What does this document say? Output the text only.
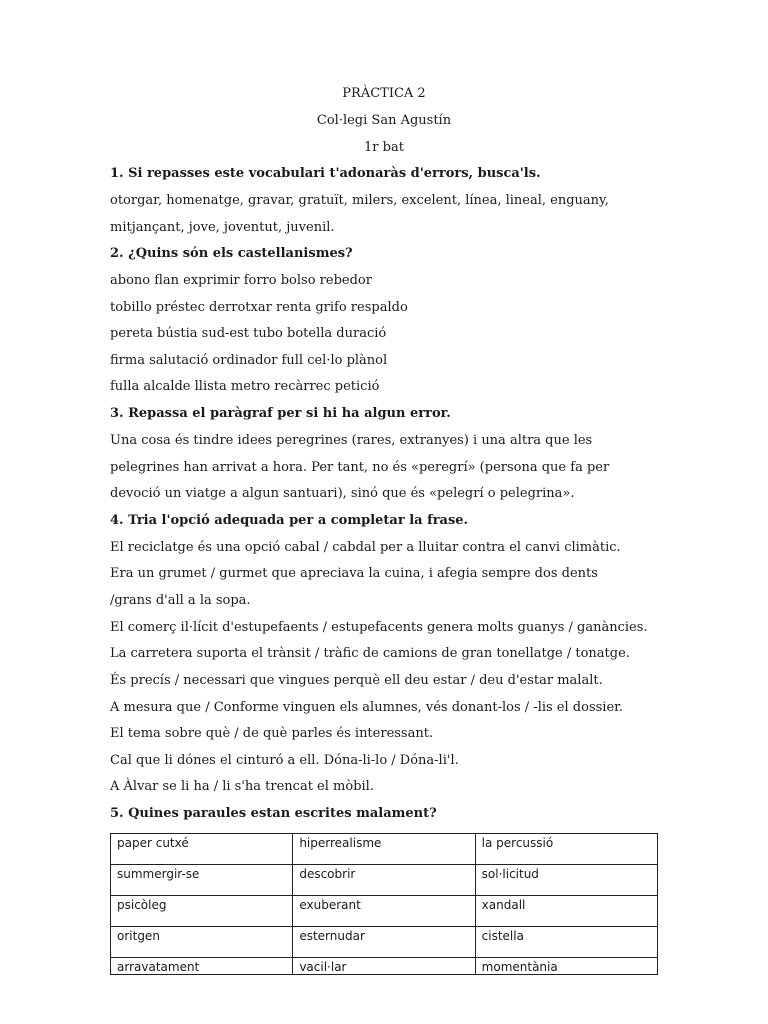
PRÀCTICA 2
Col·legi San Agustín
1r bat
1. Si repasses este vocabulari t'adonaràs d'errors, busca'ls.
otorgar, homenatge, gravar, gratuït, milers, excelent, línea, lineal, enguany,
mitjançant, jove, joventut, juvenil.
2. ¿Quins són els castellanismes?
abono flan exprimir forro bolso rebedor
tobillo préstec derrotxar renta grifo respaldo
pereta bústia sud-est tubo botella duració
firma salutació ordinador full cel·lo plànol
fulla alcalde llista metro recàrrec petició
3. Repassa el paràgraf per si hi ha algun error.
Una cosa és tindre idees peregrines (rares, extranyes) i una altra que les
pelegrines han arrivat a hora. Per tant, no és «peregrí» (persona que fa per
devoció un viatge a algun santuari), sinó que és «pelegrí o pelegrina».
4. Tria l'opció adequada per a completar la frase.
El reciclatge és una opció cabal / cabdal per a lluitar contra el canvi climàtic.
Era un grumet / gurmet que apreciava la cuina, i afegia sempre dos dents
/grans d'all a la sopa.
El comerç il·lícit d'estupefaents / estupefacents genera molts guanys / ganàncies.
La carretera suporta el trànsit / tràfic de camions de gran tonellatge / tonatge.
És precís / necessari que vingues perquè ell deu estar / deu d'estar malalt.
A mesura que / Conforme vinguen els alumnes, vés donant-los / -lis el dossier.
El tema sobre què / de què parles és interessant.
Cal que li dónes el cinturó a ell. Dóna-li-lo / Dóna-li'l.
A Àlvar se li ha / li s'ha trencat el mòbil.
5. Quines paraules estan escrites malament?
paper cutxé	hiperrealisme	la percussió
summergir-se	descobrir	sol·licitud
psicòleg	exuberant	xandall
oritgen	esternudar	cistella
arravatament	vacil·lar	momentània
